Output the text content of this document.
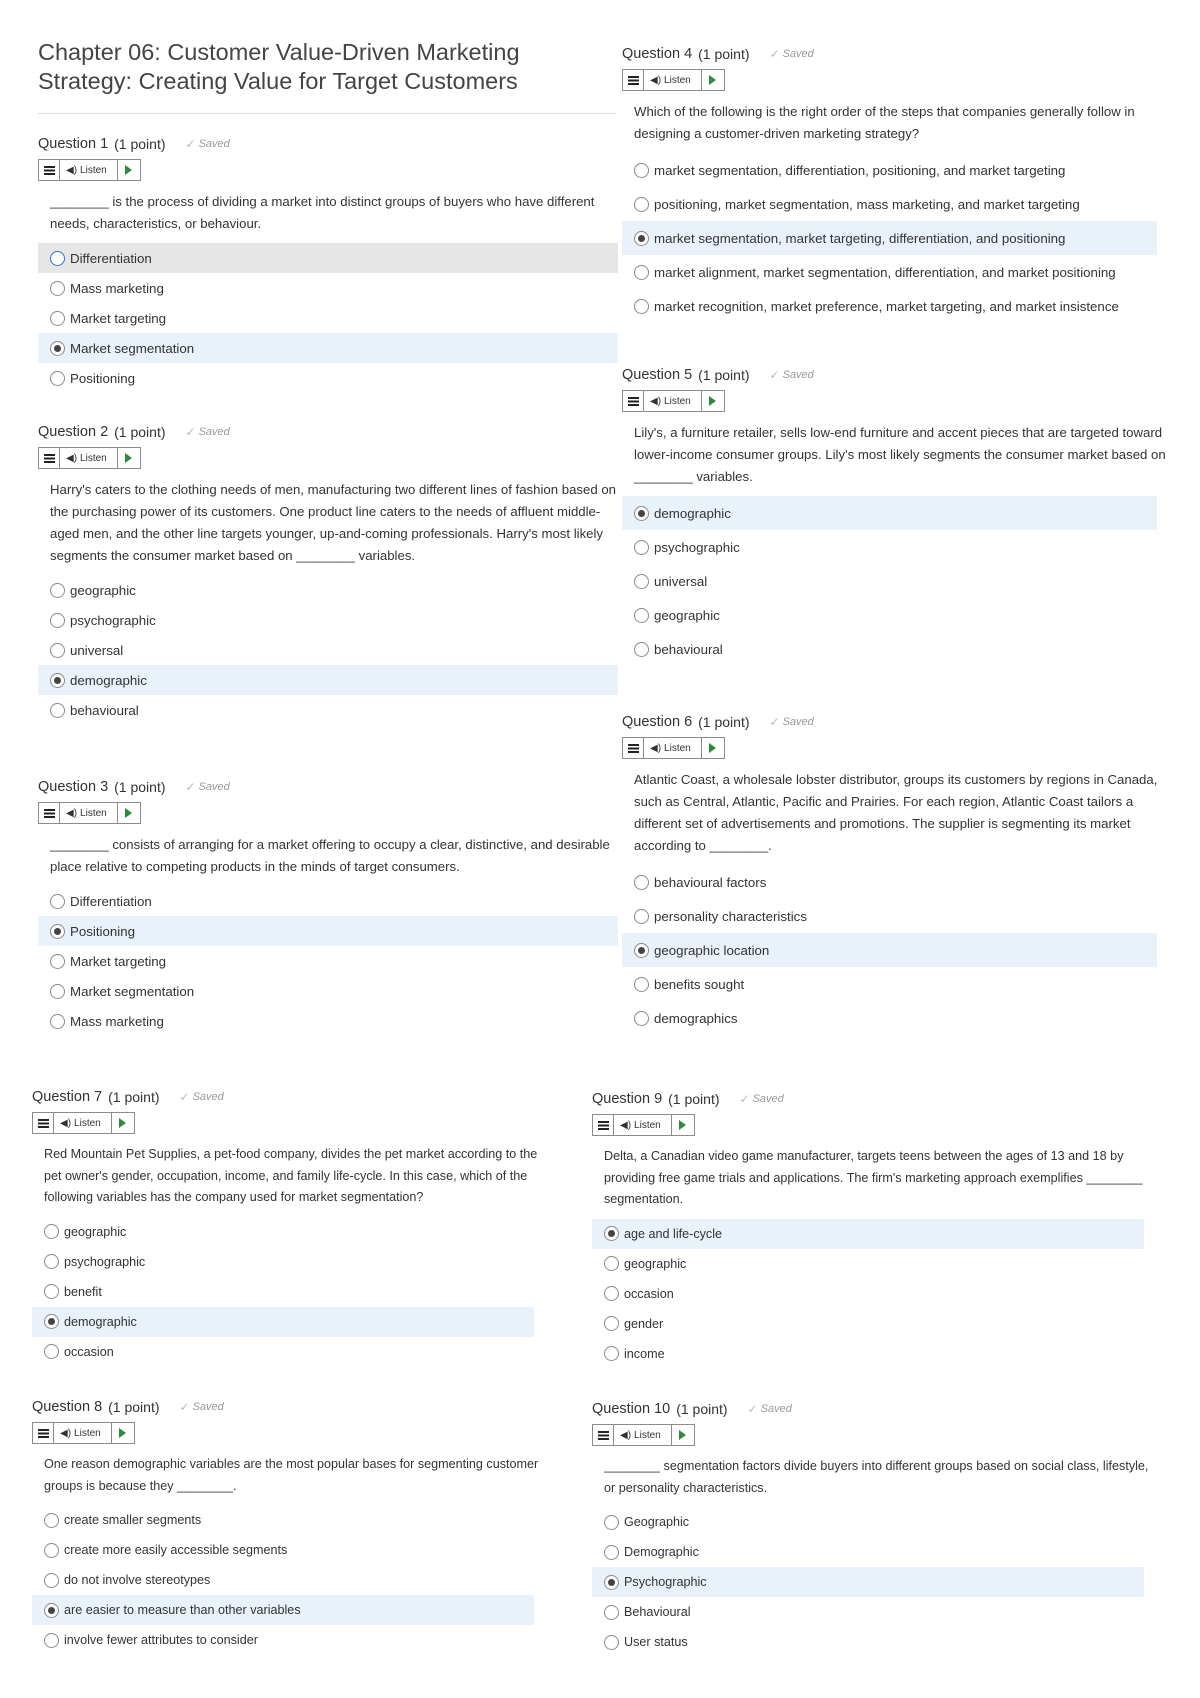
Chapter 06: Customer Value-Driven Marketing Strategy: Creating Value for Target Customers
Question 1 (1 point) ✓ Saved
◀) Listen
________ is the process of dividing a market into distinct groups of buyers who have different needs, characteristics, or behaviour.
Differentiation
Mass marketing
Market targeting
Market segmentation
Positioning
Question 2 (1 point) ✓ Saved
◀) Listen
Harry's caters to the clothing needs of men, manufacturing two different lines of fashion based on the purchasing power of its customers. One product line caters to the needs of affluent middle-aged men, and the other line targets younger, up-and-coming professionals. Harry's most likely segments the consumer market based on ________ variables.
geographic
psychographic
universal
demographic
behavioural
Question 3 (1 point) ✓ Saved
◀) Listen
________ consists of arranging for a market offering to occupy a clear, distinctive, and desirable place relative to competing products in the minds of target consumers.
Differentiation
Positioning
Market targeting
Market segmentation
Mass marketing
Question 4 (1 point) ✓ Saved
◀) Listen
Which of the following is the right order of the steps that companies generally follow in designing a customer-driven marketing strategy?
market segmentation, differentiation, positioning, and market targeting
positioning, market segmentation, mass marketing, and market targeting
market segmentation, market targeting, differentiation, and positioning
market alignment, market segmentation, differentiation, and market positioning
market recognition, market preference, market targeting, and market insistence
Question 5 (1 point) ✓ Saved
◀) Listen
Lily's, a furniture retailer, sells low-end furniture and accent pieces that are targeted toward lower-income consumer groups. Lily's most likely segments the consumer market based on ________ variables.
demographic
psychographic
universal
geographic
behavioural
Question 6 (1 point) ✓ Saved
◀) Listen
Atlantic Coast, a wholesale lobster distributor, groups its customers by regions in Canada, such as Central, Atlantic, Pacific and Prairies. For each region, Atlantic Coast tailors a different set of advertisements and promotions. The supplier is segmenting its market according to ________.
behavioural factors
personality characteristics
geographic location
benefits sought
demographics
Question 7 (1 point) ✓ Saved
◀) Listen
Red Mountain Pet Supplies, a pet-food company, divides the pet market according to the pet owner's gender, occupation, income, and family life-cycle. In this case, which of the following variables has the company used for market segmentation?
geographic
psychographic
benefit
demographic
occasion
Question 8 (1 point) ✓ Saved
◀) Listen
One reason demographic variables are the most popular bases for segmenting customer groups is because they ________.
create smaller segments
create more easily accessible segments
do not involve stereotypes
are easier to measure than other variables
involve fewer attributes to consider
Question 9 (1 point) ✓ Saved
◀) Listen
Delta, a Canadian video game manufacturer, targets teens between the ages of 13 and 18 by providing free game trials and applications. The firm's marketing approach exemplifies ________ segmentation.
age and life-cycle
geographic
occasion
gender
income
Question 10 (1 point) ✓ Saved
◀) Listen
________ segmentation factors divide buyers into different groups based on social class, lifestyle, or personality characteristics.
Geographic
Demographic
Psychographic
Behavioural
User status
